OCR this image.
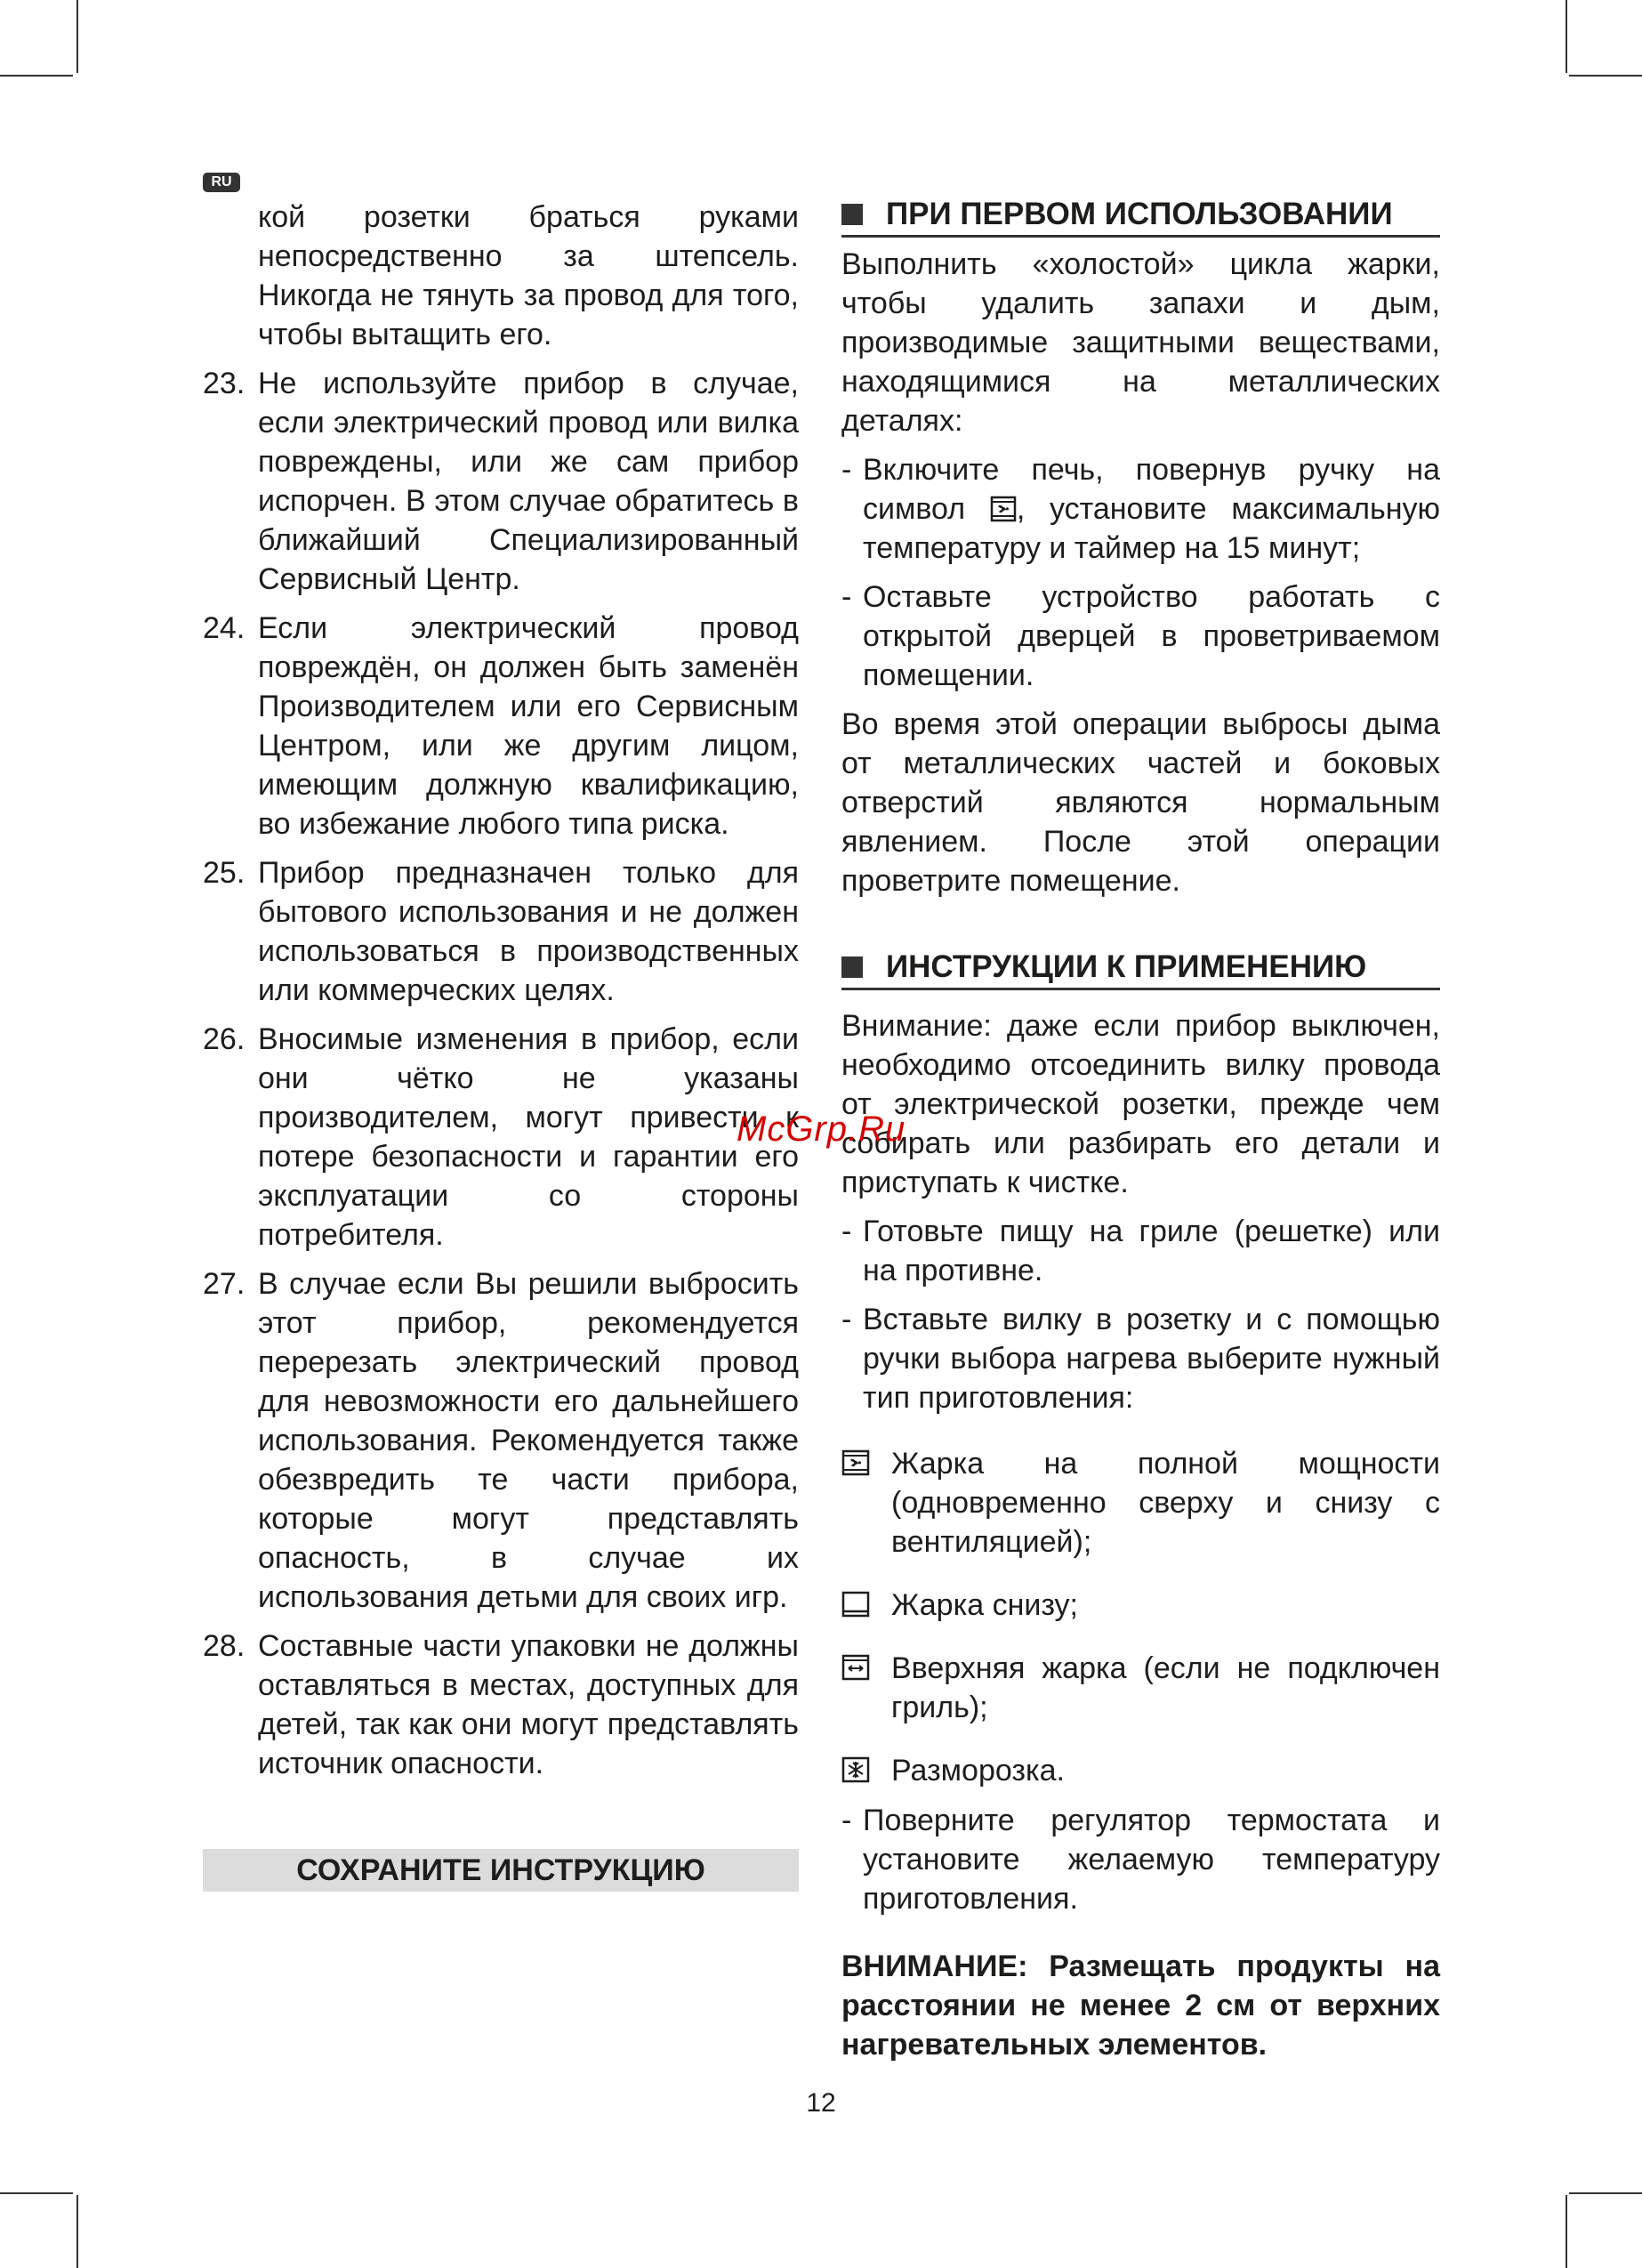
RU

кой розетки браться руками непосредственно за штепсель. Никогда не тянуть за провод для того, чтобы вытащить его.

23. Не используйте прибор в случае, если электрический провод или вилка повреждены, или же сам прибор испорчен. В этом случае обратитесь в ближайший Специализированный Сервисный Центр.
24. Если электрический провод повреждён, он должен быть заменён Производителем или его Сервисным Центром, или же другим лицом, имеющим должную квалификацию, во избежание любого типа риска.
25. Прибор предназначен только для бытового использования и не должен использоваться в производственных или коммерческих целях.
26. Вносимые изменения в прибор, если они чётко не указаны производителем, могут привести к потере безопасности и гарантии его эксплуатации со стороны потребителя.
27. В случае если Вы решили выбросить этот прибор, рекомендуется перерезать электрический провод для невозможности его дальнейшего использования. Рекомендуется также обезвредить те части прибора, которые могут представлять опасность, в случае их использования детьми для своих игр.
28. Составные части упаковки не должны оставляться в местах, доступных для детей, так как они могут представлять источник опасности.
СОХРАНИТЕ ИНСТРУКЦИЮ
ПРИ ПЕРВОМ ИСПОЛЬЗОВАНИИ

Выполнить «холостой» цикла жарки, чтобы удалить запахи и дым, производимые защитными веществами, находящимися на металлических деталях:

- Включите печь, повернув ручку на символ , установите максимальную температуру и таймер на 15 минут;
- Оставьте устройство работать с открытой дверцей в проветриваемом помещении.

Во время этой операции выбросы дыма от металлических частей и боковых отверстий являются нормальным явлением. После этой операции проветрите помещение.

ИНСТРУКЦИИ К ПРИМЕНЕНИЮ

Внимание: даже если прибор выключен, необходимо отсоединить вилку провода от электрической розетки, прежде чем собирать или разбирать его детали и приступать к чистке.

- Готовьте пищу на гриле (решетке) или на противне.
- Вставьте вилку в розетку и с помощью ручки выбора нагрева выберите нужный тип приготовления:
Жарка на полной мощности (одновременно сверху и снизу с вентиляцией);
Жарка снизу;
Вверхняя жарка (если не подключен гриль);
Разморозка.
- Поверните регулятор термостата и установите желаемую температуру приготовления.

ВНИМАНИЕ: Размещать продукты на расстоянии не менее 2 см от верхних нагревательных элементов.

McGrp.Ru
12
